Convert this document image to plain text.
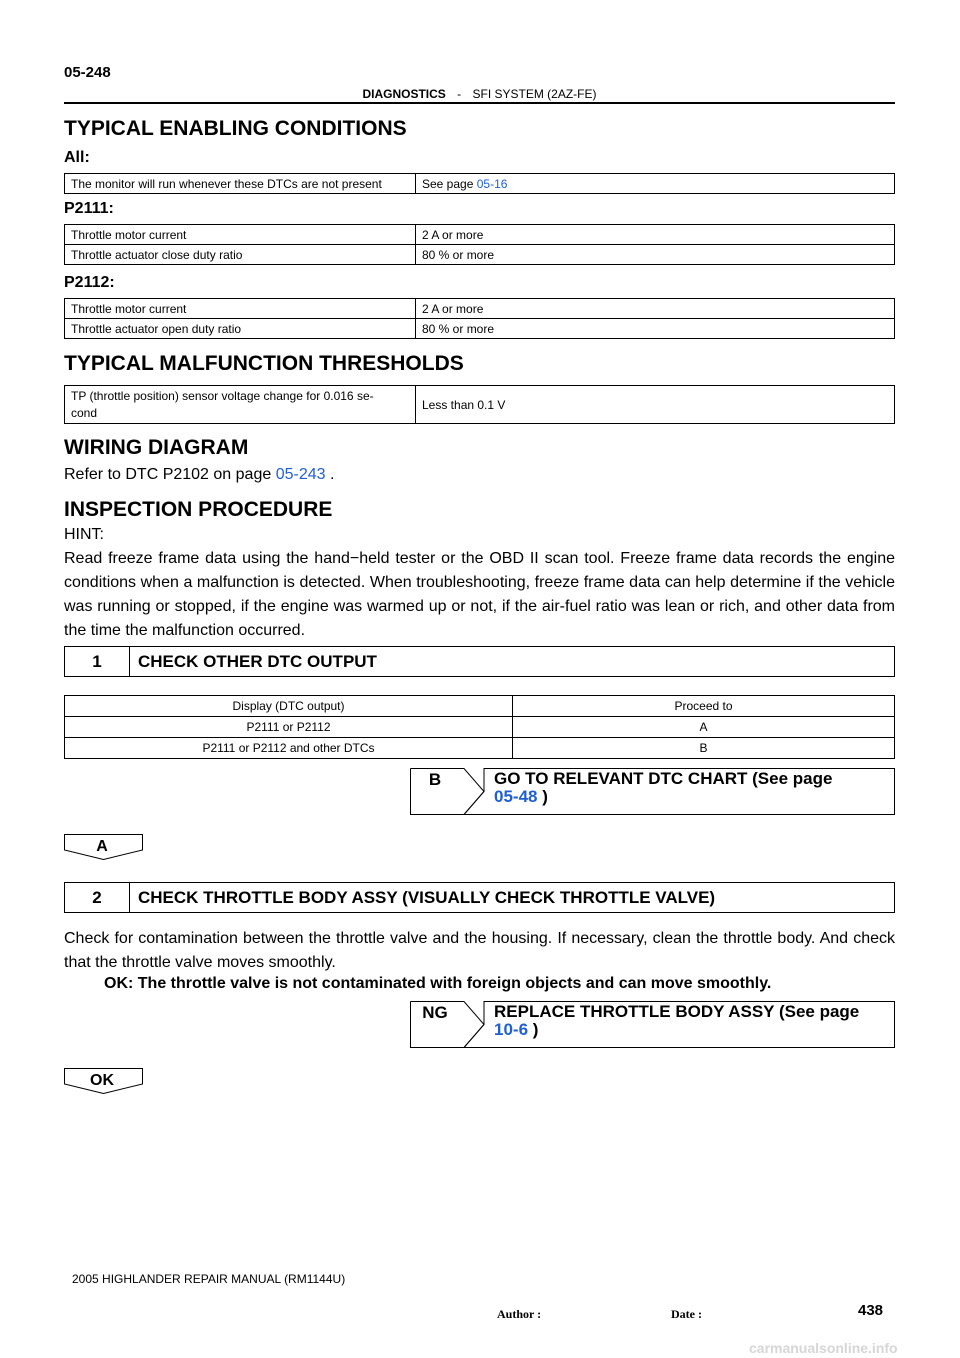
05-248
DIAGNOSTICS - SFI SYSTEM (2AZ-FE)
TYPICAL ENABLING CONDITIONS
All:
The monitor will run whenever these DTCs are not present	See page 05-16
P2111:
Throttle motor current	2 A or more
Throttle actuator close duty ratio	80 % or more
P2112:
Throttle motor current	2 A or more
Throttle actuator open duty ratio	80 % or more
TYPICAL MALFUNCTION THRESHOLDS
TP (throttle position) sensor voltage change for 0.016 se-
cond	Less than 0.1 V
WIRING DIAGRAM
Refer to DTC P2102 on page 05-243 .
INSPECTION PROCEDURE
HINT:
Read freeze frame data using the hand−held tester or the OBD II scan tool. Freeze frame data records the engine conditions when a malfunction is detected. When troubleshooting, freeze frame data can help determine if the vehicle was running or stopped, if the engine was warmed up or not, if the air-fuel ratio was lean or rich, and other data from the time the malfunction occurred.
1	CHECK OTHER DTC OUTPUT
Display (DTC output)	Proceed to
P2111 or P2112	A
P2111 or P2112 and other DTCs	B
B	GO TO RELEVANT DTC CHART (See page
05-48 )
A
2	CHECK THROTTLE BODY ASSY (VISUALLY CHECK THROTTLE VALVE)
Check for contamination between the throttle valve and the housing. If necessary, clean the throttle body. And check that the throttle valve moves smoothly.
OK: The throttle valve is not contaminated with foreign objects and can move smoothly.
NG	REPLACE THROTTLE BODY ASSY (See page
10-6 )
OK
2005 HIGHLANDER REPAIR MANUAL (RM1144U)
438
Author :	Date :
carmanualsonline.info
